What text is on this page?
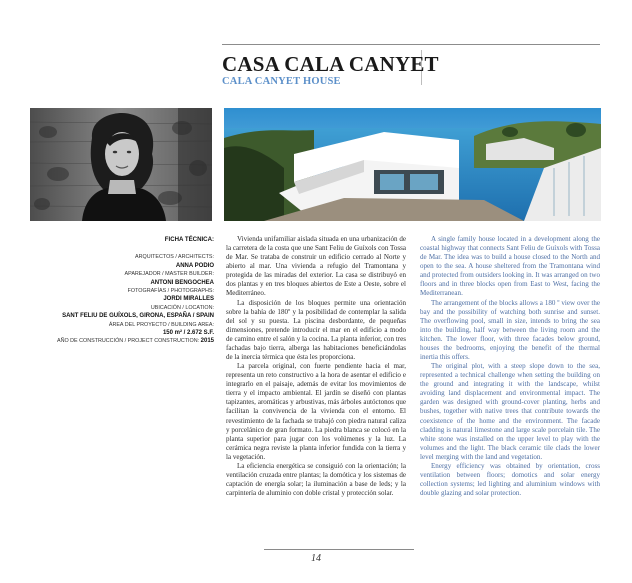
CASA CALA CANYET
CALA CANYET HOUSE
FICHA TÉCNICA:
ARQUITECTOS / ARCHITECTS:
ANNA PODIO
APAREJADOR / MASTER BUILDER:
ANTONI BENGOCHEA
FOTOGRAFÍAS / PHOTOGRAPHS:
JORDI MIRALLES
UBICACIÓN / LOCATION:
SANT FELIU DE GUÍXOLS, GIRONA, ESPAÑA / SPAIN
ÁREA DEL PROYECTO / BUILDING AREA:
150 m² / 2.672 S.F.
AÑO DE CONSTRUCCIÓN / PROJECT CONSTRUCTION: 2015

Vivienda unifamiliar aislada situada en una urbanización de la carretera de la costa que une Sant Feliu de Guíxols con Tossa de Mar. Se trataba de construir un edificio cerrado al Norte y abierto al mar. Una vivienda a refugio del Tramontana y protegida de las miradas del exterior. La casa se distribuyó en dos plantas y en tres bloques abiertos de Este a Oeste, sobre el Mediterráneo.

La disposición de los bloques permite una orientación sobre la bahía de 180º y la posibilidad de contemplar la salida del sol y su puesta. La piscina desbordante, de pequeñas dimensiones, pretende introducir el mar en el edificio a modo de camino entre el salón y la cocina. La planta inferior, con tres fachadas bajo tierra, alberga las habitaciones beneficiándolas de la inercia térmica que ésta les proporciona.

La parcela original, con fuerte pendiente hacia el mar, representa un reto constructivo a la hora de asentar el edificio e integrarlo en el paisaje, además de evitar los movimientos de tierra y el impacto ambiental. El jardín se diseñó con plantas tapizantes, aromáticas y arbustivas, más árboles autóctonos que facilitan la convivencia de la vivienda con el entorno. El revestimiento de la fachada se trabajó con piedra natural caliza y porcelánico de gran formato. La piedra blanca se colocó en la planta superior para jugar con los volúmenes y la luz. La cerámica negra reviste la planta inferior fundida con la tierra y la vegetación.

La eficiencia energética se consiguió con la orientación; la ventilación cruzada entre plantas; la domótica y los sistemas de captación de energía solar; la iluminación a base de leds; y la carpintería de aluminio con doble cristal y protección solar.

A single family house located in a development along the coastal highway that connects Sant Feliu de Guíxols with Tossa de Mar. The idea was to build a house closed to the North and open to the sea. A house sheltered from the Tramontana wind and protected from outsiders looking in. It was arranged on two floors and in three blocks open from East to West, facing the Mediterranean.

The arrangement of the blocks allows a 180 º view over the bay and the possibility of watching both sunrise and sunset. The overflowing pool, small in size, intends to bring the sea into the building, half way between the living room and the kitchen. The lower floor, with three facades below ground, houses the bedrooms, enjoying the benefit of the thermal inertia this offers.

The original plot, with a steep slope down to the sea, represented a technical challenge when setting the building on the ground and integrating it with the landscape, whilst avoiding land displacement and environmental impact. The garden was designed with ground-cover planting, herbs and bushes, together with native trees that contribute towards the coexistence of the home and the environment. The facade cladding is natural limestone and large scale porcelain tile. The white stone was installed on the upper level to play with the volumes and the light. The black ceramic tile clads the lower level merging with the land and vegetation.

Energy efficiency was obtained by orientation, cross ventilation between floors; domotics and solar energy collection systems; led lighting and aluminium windows with double glazing and solar protection.

14
